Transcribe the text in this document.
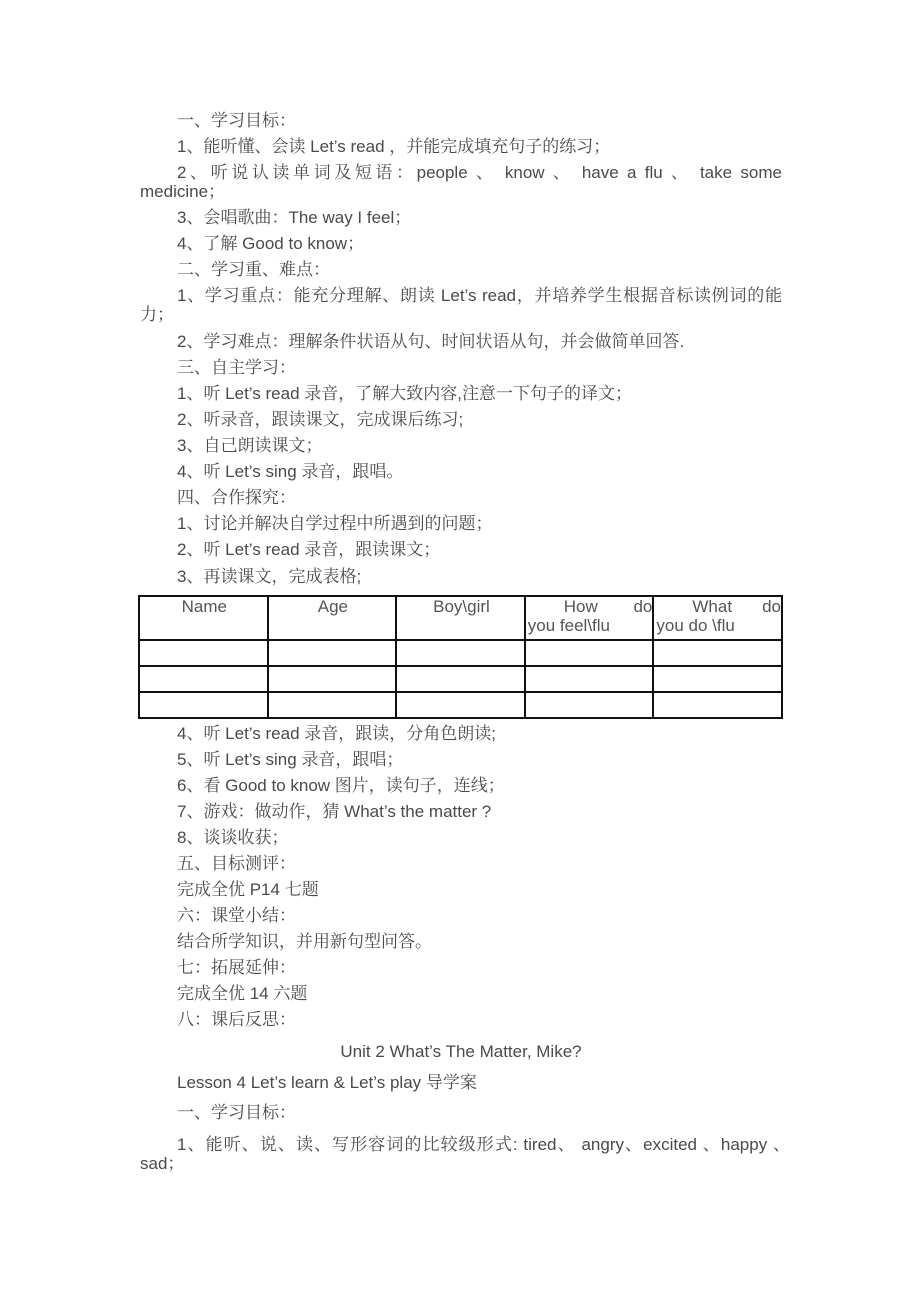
一、学习目标：
1、能听懂、会读 Let’s read ，并能完成填充句子的练习；
2、听说认读单词及短语：people 、 know 、 have a flu 、 take some medicine；
3、会唱歌曲：The way I feel；
4、了解 Good to know；
二、学习重、难点：
1、学习重点：能充分理解、朗读 Let’s read，并培养学生根据音标读例词的能力；
2、学习难点：理解条件状语从句、时间状语从句，并会做简单回答.
三、自主学习：
1、听 Let’s read 录音，了解大致内容,注意一下句子的译文；
2、听录音，跟读课文，完成课后练习;
3、自己朗读课文；
4、听 Let’s sing 录音，跟唱。
四、合作探究：
1、讨论并解决自学过程中所遇到的问题；
2、听 Let’s read 录音，跟读课文；
3、再读课文，完成表格;
Name	Age	Boy\girl	How do you feel\flu	What do you do \flu

4、听 Let’s read 录音，跟读，分角色朗读;
5、听 Let’s sing 录音，跟唱；
6、看 Good to know 图片，读句子，连线；
7、游戏：做动作，猜 What’s the matter ?
8、谈谈收获；
五、目标测评：
完成全优 P14 七题
六：课堂小结：
结合所学知识，并用新句型问答。
七：拓展延伸：
完成全优 14 六题
八：课后反思：
Unit 2 What’s The Matter, Mike?
Lesson 4 Let’s learn & Let’s play 导学案
一、学习目标：
1、能听、说、读、写形容词的比较级形式: tired、 angry、excited 、happy 、sad；
